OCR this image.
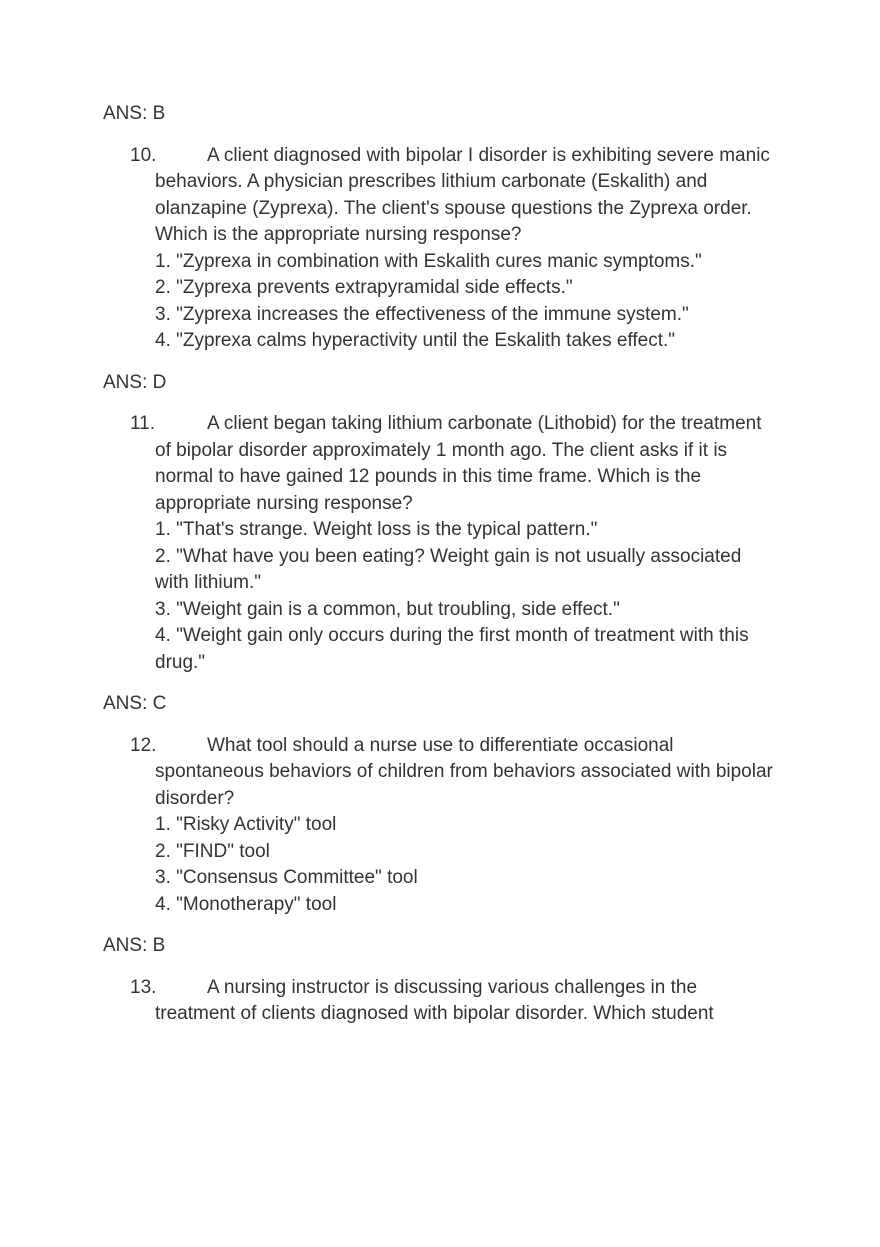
ANS: B
10.	A client diagnosed with bipolar I disorder is exhibiting severe manic behaviors. A physician prescribes lithium carbonate (Eskalith) and olanzapine (Zyprexa). The client's spouse questions the Zyprexa order. Which is the appropriate nursing response?
1. "Zyprexa in combination with Eskalith cures manic symptoms."
2. "Zyprexa prevents extrapyramidal side effects."
3. "Zyprexa increases the effectiveness of the immune system."
4. "Zyprexa calms hyperactivity until the Eskalith takes effect."
ANS: D
11.	A client began taking lithium carbonate (Lithobid) for the treatment of bipolar disorder approximately 1 month ago. The client asks if it is normal to have gained 12 pounds in this time frame. Which is the appropriate nursing response?
1. "That's strange. Weight loss is the typical pattern."
2. "What have you been eating? Weight gain is not usually associated with lithium."
3. "Weight gain is a common, but troubling, side effect."
4. "Weight gain only occurs during the first month of treatment with this drug."
ANS: C
12.	What tool should a nurse use to differentiate occasional spontaneous behaviors of children from behaviors associated with bipolar disorder?
1. "Risky Activity" tool
2. "FIND" tool
3. "Consensus Committee" tool
4. "Monotherapy" tool
ANS: B
13.	A nursing instructor is discussing various challenges in the treatment of clients diagnosed with bipolar disorder. Which student
